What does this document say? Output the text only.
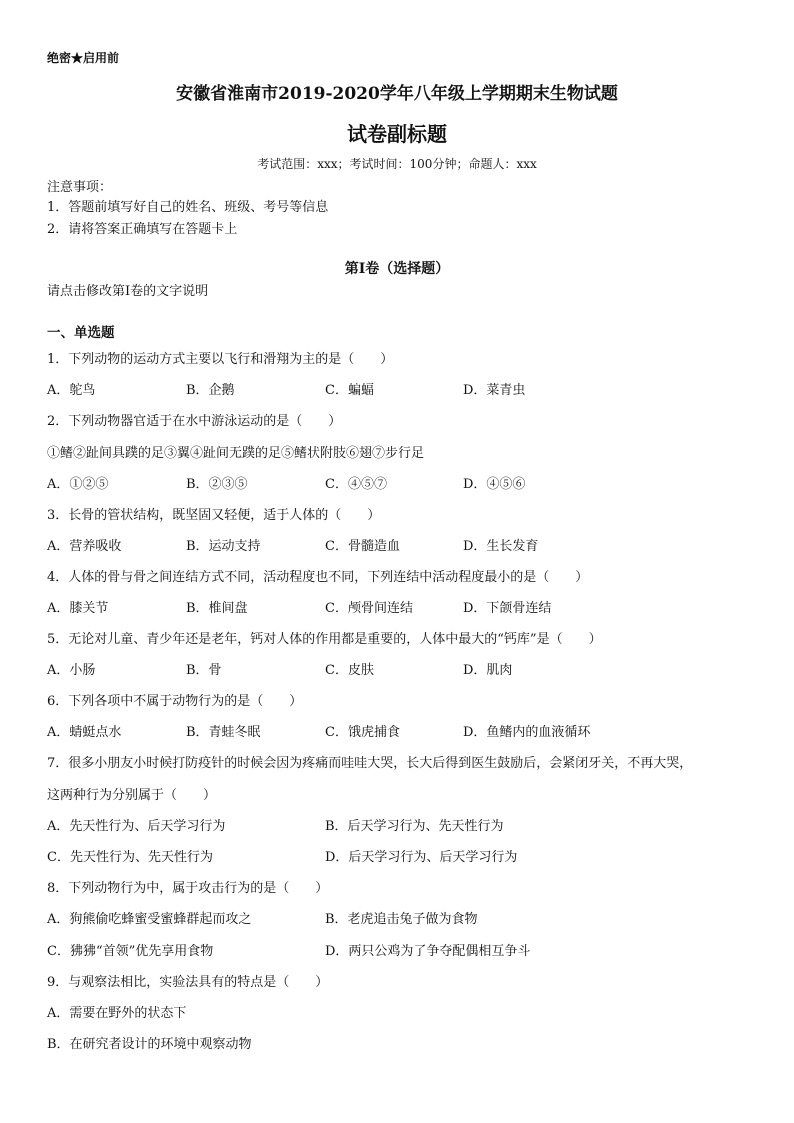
绝密★启用前
安徽省淮南市2019-2020学年八年级上学期期末生物试题
试卷副标题
考试范围：xxx；考试时间：100分钟；命题人：xxx
注意事项：
1．答题前填写好自己的姓名、班级、考号等信息
2．请将答案正确填写在答题卡上
第I卷（选择题）
请点击修改第I卷的文字说明
一、单选题
1．下列动物的运动方式主要以飞行和滑翔为主的是（　　）
A．鸵鸟	B．企鹅	C．蝙蝠	D．菜青虫
2．下列动物器官适于在水中游泳运动的是（　　）
①鳍②趾间具蹼的足③翼④趾间无蹼的足⑤鳍状附肢⑥翅⑦步行足
A．①②⑤	B．②③⑤	C．④⑤⑦	D．④⑤⑥
3．长骨的管状结构，既坚固又轻便，适于人体的（　　）
A．营养吸收	B．运动支持	C．骨髓造血	D．生长发育
4．人体的骨与骨之间连结方式不同，活动程度也不同，下列连结中活动程度最小的是（　　）
A．膝关节	B．椎间盘	C．颅骨间连结	D．下颌骨连结
5．无论对儿童、青少年还是老年，钙对人体的作用都是重要的，人体中最大的“钙库”是（　　）
A．小肠	B．骨	C．皮肤	D．肌肉
6．下列各项中不属于动物行为的是（　　）
A．蜻蜓点水	B．青蛙冬眠	C．饿虎捕食	D．鱼鳍内的血液循环
7．很多小朋友小时候打防疫针的时候会因为疼痛而哇哇大哭，长大后得到医生鼓励后，会紧闭牙关，不再大哭，
这两种行为分别属于（　　）
A．先天性行为、后天学习行为	B．后天学习行为、先天性行为
C．先天性行为、先天性行为	D．后天学习行为、后天学习行为
8．下列动物行为中，属于攻击行为的是（　　）
A．狗熊偷吃蜂蜜受蜜蜂群起而攻之	B．老虎追击兔子做为食物
C．狒狒“首领”优先享用食物	D．两只公鸡为了争夺配偶相互争斗
9．与观察法相比，实验法具有的特点是（　　）
A．需要在野外的状态下
B．在研究者设计的环境中观察动物
